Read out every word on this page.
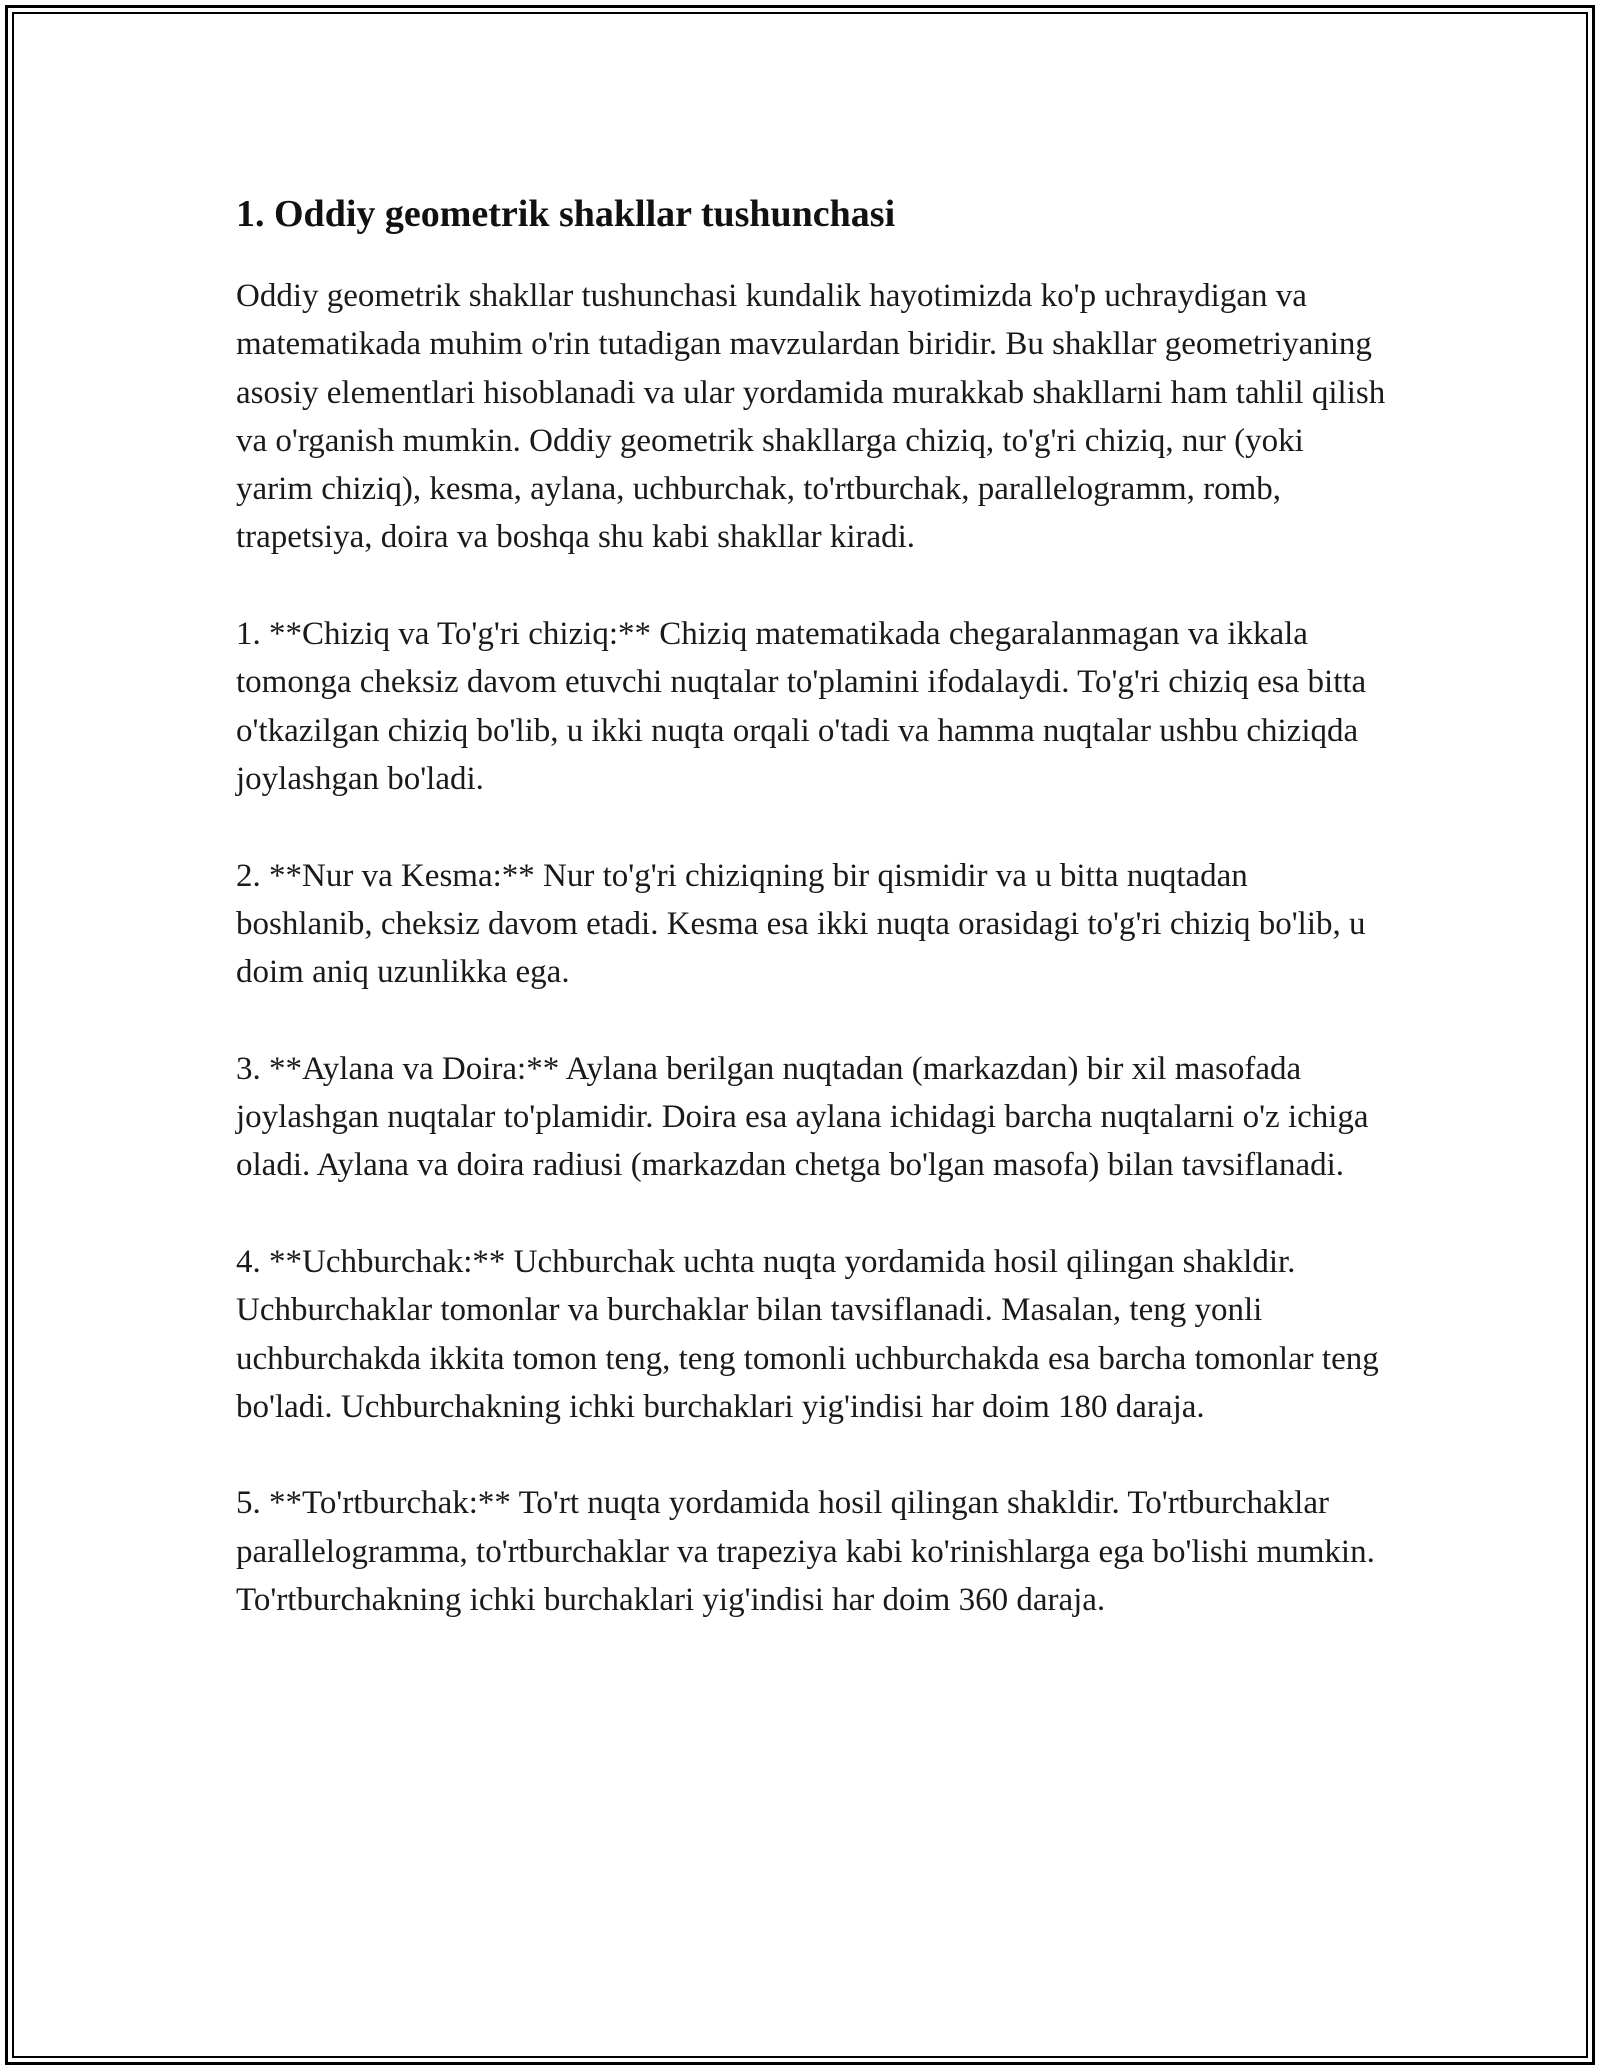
1. Oddiy geometrik shakllar tushunchasi

Oddiy geometrik shakllar tushunchasi kundalik hayotimizda ko'p uchraydigan va matematikada muhim o'rin tutadigan mavzulardan biridir. Bu shakllar geometriyaning asosiy elementlari hisoblanadi va ular yordamida murakkab shakllarni ham tahlil qilish va o'rganish mumkin. Oddiy geometrik shakllarga chiziq, to'g'ri chiziq, nur (yoki yarim chiziq), kesma, aylana, uchburchak, to'rtburchak, parallelogramm, romb, trapetsiya, doira va boshqa shu kabi shakllar kiradi.

1. **Chiziq va To'g'ri chiziq:** Chiziq matematikada chegaralanmagan va ikkala tomonga cheksiz davom etuvchi nuqtalar to'plamini ifodalaydi. To'g'ri chiziq esa bitta o'tkazilgan chiziq bo'lib, u ikki nuqta orqali o'tadi va hamma nuqtalar ushbu chiziqda joylashgan bo'ladi.

2. **Nur va Kesma:** Nur to'g'ri chiziqning bir qismidir va u bitta nuqtadan boshlanib, cheksiz davom etadi. Kesma esa ikki nuqta orasidagi to'g'ri chiziq bo'lib, u doim aniq uzunlikka ega.

3. **Aylana va Doira:** Aylana berilgan nuqtadan (markazdan) bir xil masofada joylashgan nuqtalar to'plamidir. Doira esa aylana ichidagi barcha nuqtalarni o'z ichiga oladi. Aylana va doira radiusi (markazdan chetga bo'lgan masofa) bilan tavsiflanadi.

4. **Uchburchak:** Uchburchak uchta nuqta yordamida hosil qilingan shakldir. Uchburchaklar tomonlar va burchaklar bilan tavsiflanadi. Masalan, teng yonli uchburchakda ikkita tomon teng, teng tomonli uchburchakda esa barcha tomonlar teng bo'ladi. Uchburchakning ichki burchaklari yig'indisi har doim 180 daraja.

5. **To'rtburchak:** To'rt nuqta yordamida hosil qilingan shakldir. To'rtburchaklar parallelogramma, to'rtburchaklar va trapeziya kabi ko'rinishlarga ega bo'lishi mumkin. To'rtburchakning ichki burchaklari yig'indisi har doim 360 daraja.
